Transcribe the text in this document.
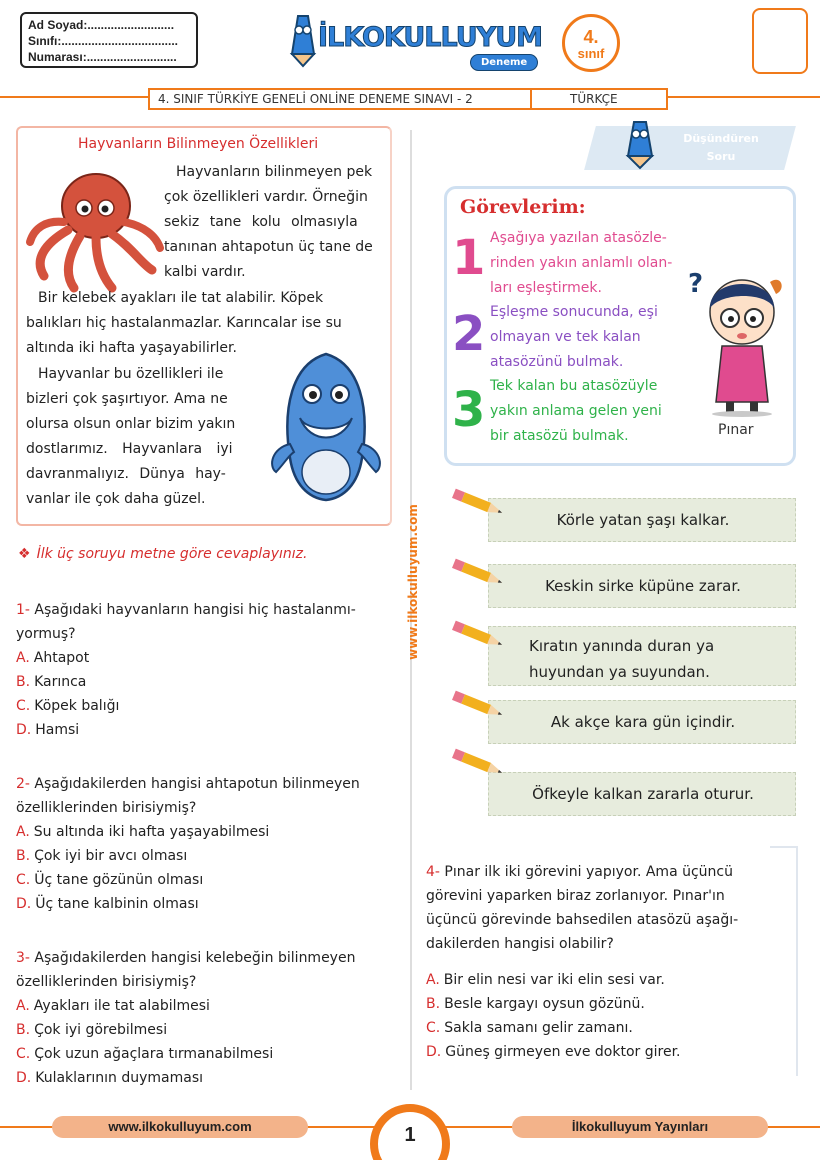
Ad Soyad:..........................
Sınıfı:...................................
Numarası:...........................
İLKOKULLUYUM
Deneme
4.
sınıf
4. SINIF TÜRKİYE GENELİ ONLİNE DENEME SINAVI - 2	TÜRKÇE
Hayvanların Bilinmeyen Özellikleri
Hayvanların bilinmeyen pek
çok özellikleri vardır. Örneğin
sekiz tane kolu olmasıyla
tanınan ahtapotun üç tane de
kalbi vardır.
Bir kelebek ayakları ile tat alabilir. Köpek
balıkları hiç hastalanmazlar. Karıncalar ise su
altında iki hafta yaşayabilirler.
Hayvanlar bu özellikleri ile
bizleri çok şaşırtıyor. Ama ne
olursa olsun onlar bizim yakın
dostlarımız. Hayvanlara iyi
davranmalıyız. Dünya hay-
vanlar ile çok daha güzel.
❖ İlk üç soruyu metne göre cevaplayınız.
1- Aşağıdaki hayvanların hangisi hiç hastalanmı-
yormuş?
A. Ahtapot
B. Karınca
C. Köpek balığı
D. Hamsi
2- Aşağıdakilerden hangisi ahtapotun bilinmeyen
özelliklerinden birisiymiş?
A. Su altında iki hafta yaşayabilmesi
B. Çok iyi bir avcı olması
C. Üç tane gözünün olması
D. Üç tane kalbinin olması
3- Aşağıdakilerden hangisi kelebeğin bilinmeyen
özelliklerinden birisiymiş?
A. Ayakları ile tat alabilmesi
B. Çok iyi görebilmesi
C. Çok uzun ağaçlara tırmanabilmesi
D. Kulaklarının duymaması
www.ilkokulluyum.com
Düşündüren
Soru
Görevlerim:
1 Aşağıya yazılan atasözle-
rinden yakın anlamlı olan-
ları eşleştirmek.
2 Eşleşme sonucunda, eşi
olmayan ve tek kalan
atasözünü bulmak.
3 Tek kalan bu atasözüyle
yakın anlama gelen yeni
bir atasözü bulmak.
?
Pınar
Körle yatan şaşı kalkar.
Keskin sirke küpüne zarar.
Kıratın yanında duran ya
huyundan ya suyundan.
Ak akçe kara gün içindir.
Öfkeyle kalkan zararla oturur.
4- Pınar ilk iki görevini yapıyor. Ama üçüncü
görevini yaparken biraz zorlanıyor. Pınar'ın
üçüncü görevinde bahsedilen atasözü aşağı-
dakilerden hangisi olabilir?
A. Bir elin nesi var iki elin sesi var.
B. Besle kargayı oysun gözünü.
C. Sakla samanı gelir zamanı.
D. Güneş girmeyen eve doktor girer.
www.ilkokulluyum.com	İlkokulluyum Yayınları
1
